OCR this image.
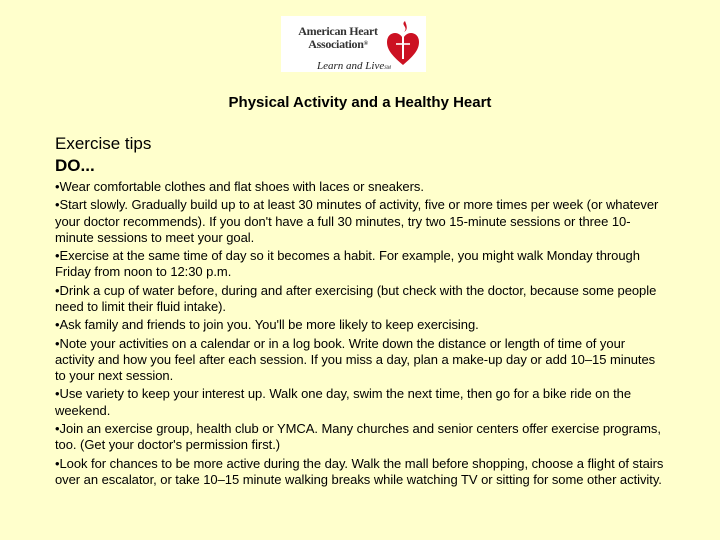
American Heart
Association®
Learn and LiveSM
Physical Activity and a Healthy Heart
Exercise tips
DO...
•Wear comfortable clothes and flat shoes with laces or sneakers.
•Start slowly. Gradually build up to at least 30 minutes of activity, five or more times per week (or whatever your doctor recommends). If you don't have a full 30 minutes, try two 15-minute sessions or three 10-minute sessions to meet your goal.
•Exercise at the same time of day so it becomes a habit. For example, you might walk Monday through Friday from noon to 12:30 p.m.
•Drink a cup of water before, during and after exercising (but check with the doctor, because some people need to limit their fluid intake).
•Ask family and friends to join you. You'll be more likely to keep exercising.
•Note your activities on a calendar or in a log book. Write down the distance or length of time of your activity and how you feel after each session. If you miss a day, plan a make-up day or add 10–15 minutes to your next session.
•Use variety to keep your interest up. Walk one day, swim the next time, then go for a bike ride on the weekend.
•Join an exercise group, health club or YMCA. Many churches and senior centers offer exercise programs, too. (Get your doctor's permission first.)
•Look for chances to be more active during the day. Walk the mall before shopping, choose a flight of stairs over an escalator, or take 10–15 minute walking breaks while watching TV or sitting for some other activity.
